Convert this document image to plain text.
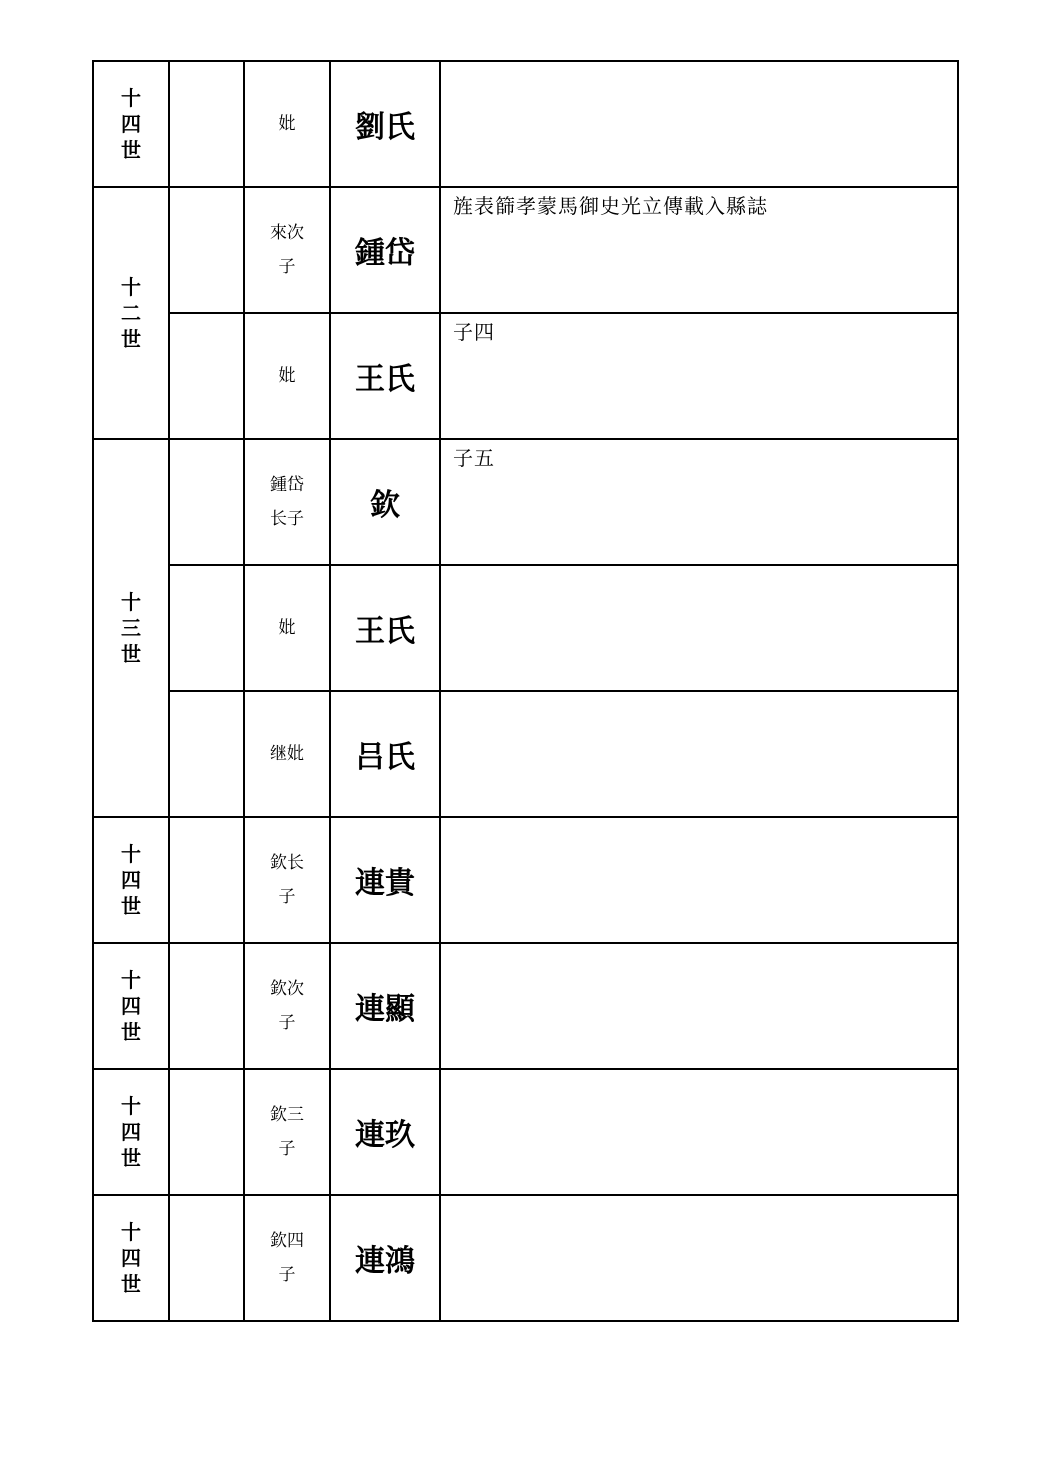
十四世		妣	劉氏	

十二世		來次子	鍾岱	旌表篩孝蒙馬御史光立傳載入縣誌

		妣	王氏	子四

十三世		鍾岱长子	欽	子五

		妣	王氏	

		继妣	吕氏	

十四世		欽长子	連貴	

十四世		欽次子	連顯	

十四世		欽三子	連玖	

十四世		欽四子	連鴻	
